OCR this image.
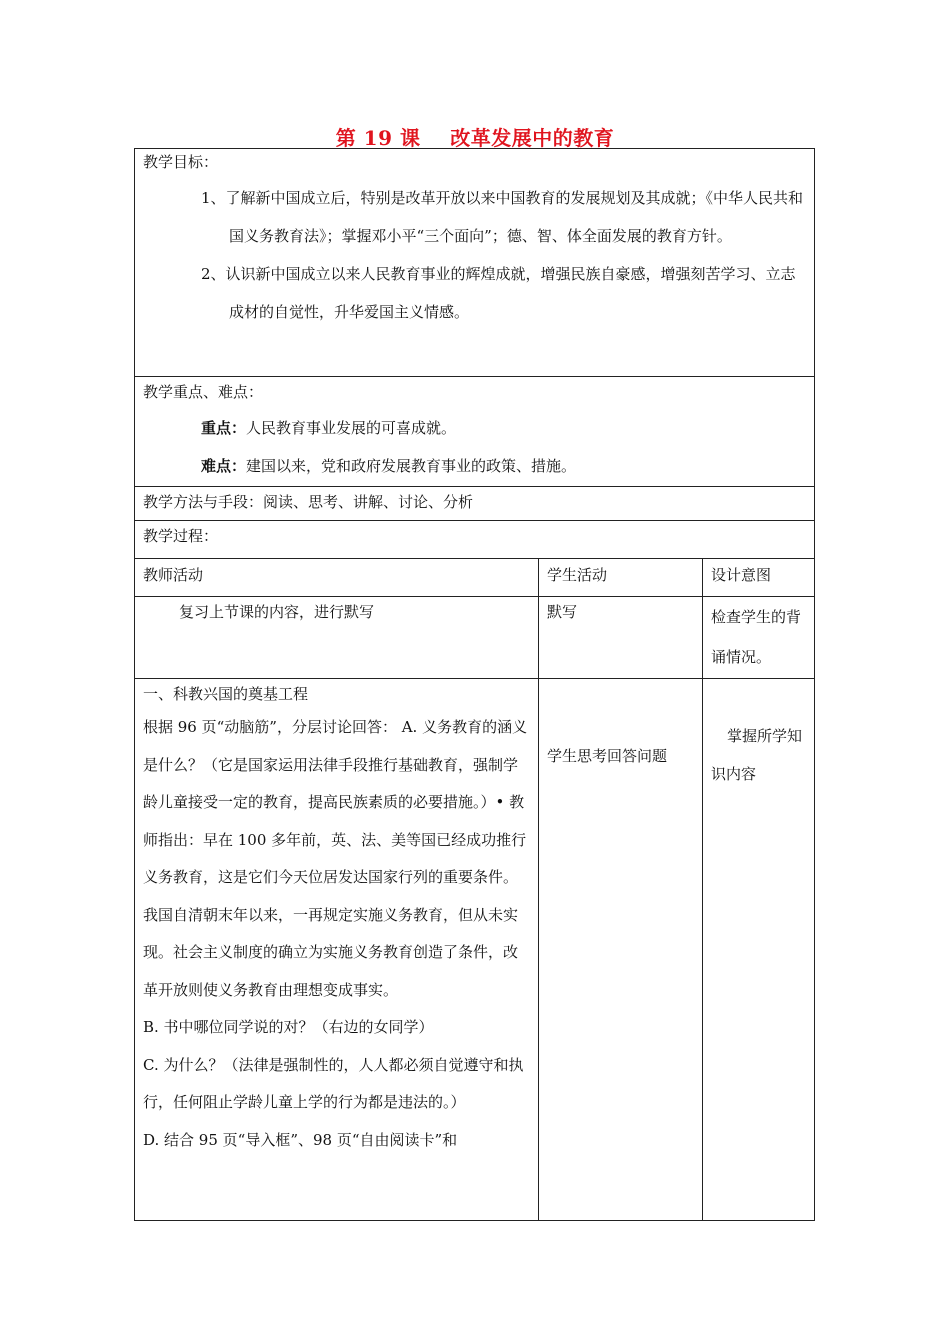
第 19 课    改革发展中的教育
教学目标：

1、了解新中国成立后，特别是改革开放以来中国教育的发展规划及其成就；《中华人民共和国义务教育法》；掌握邓小平“三个面向”；德、智、体全面发展的教育方针。

2、认识新中国成立以来人民教育事业的辉煌成就，增强民族自豪感，增强刻苦学习、立志成材的自觉性，升华爱国主义情感。		

教学重点、难点：

重点：人民教育事业发展的可喜成就。

难点：建国以来，党和政府发展教育事业的政策、措施。		

教学方法与手段：阅读、思考、讲解、讨论、分析		
教学过程：		
教师活动	学生活动	设计意图

复习上节课的内容，进行默写	默写	检查学生的背诵情况。

一、科教兴国的奠基工程

根据 96 页“动脑筋”，分层讨论回答： A. 义务教育的涵义是什么？（它是国家运用法律手段推行基础教育，强制学龄儿童接受一定的教育，提高民族素质的必要措施。）• 教师指出：早在 100 多年前，英、法、美等国已经成功推行义务教育，这是它们今天位居发达国家行列的重要条件。我国自清朝末年以来，一再规定实施义务教育，但从未实现。社会主义制度的确立为实施义务教育创造了条件，改革开放则使义务教育由理想变成事实。

B. 书中哪位同学说的对？（右边的女同学）

C. 为什么？（法律是强制性的，人人都必须自觉遵守和执行，任何阻止学龄儿童上学的行为都是违法的。）

D. 结合 95 页“导入框”、98 页“自由阅读卡”和	学生思考回答问题	掌握所学知识内容
